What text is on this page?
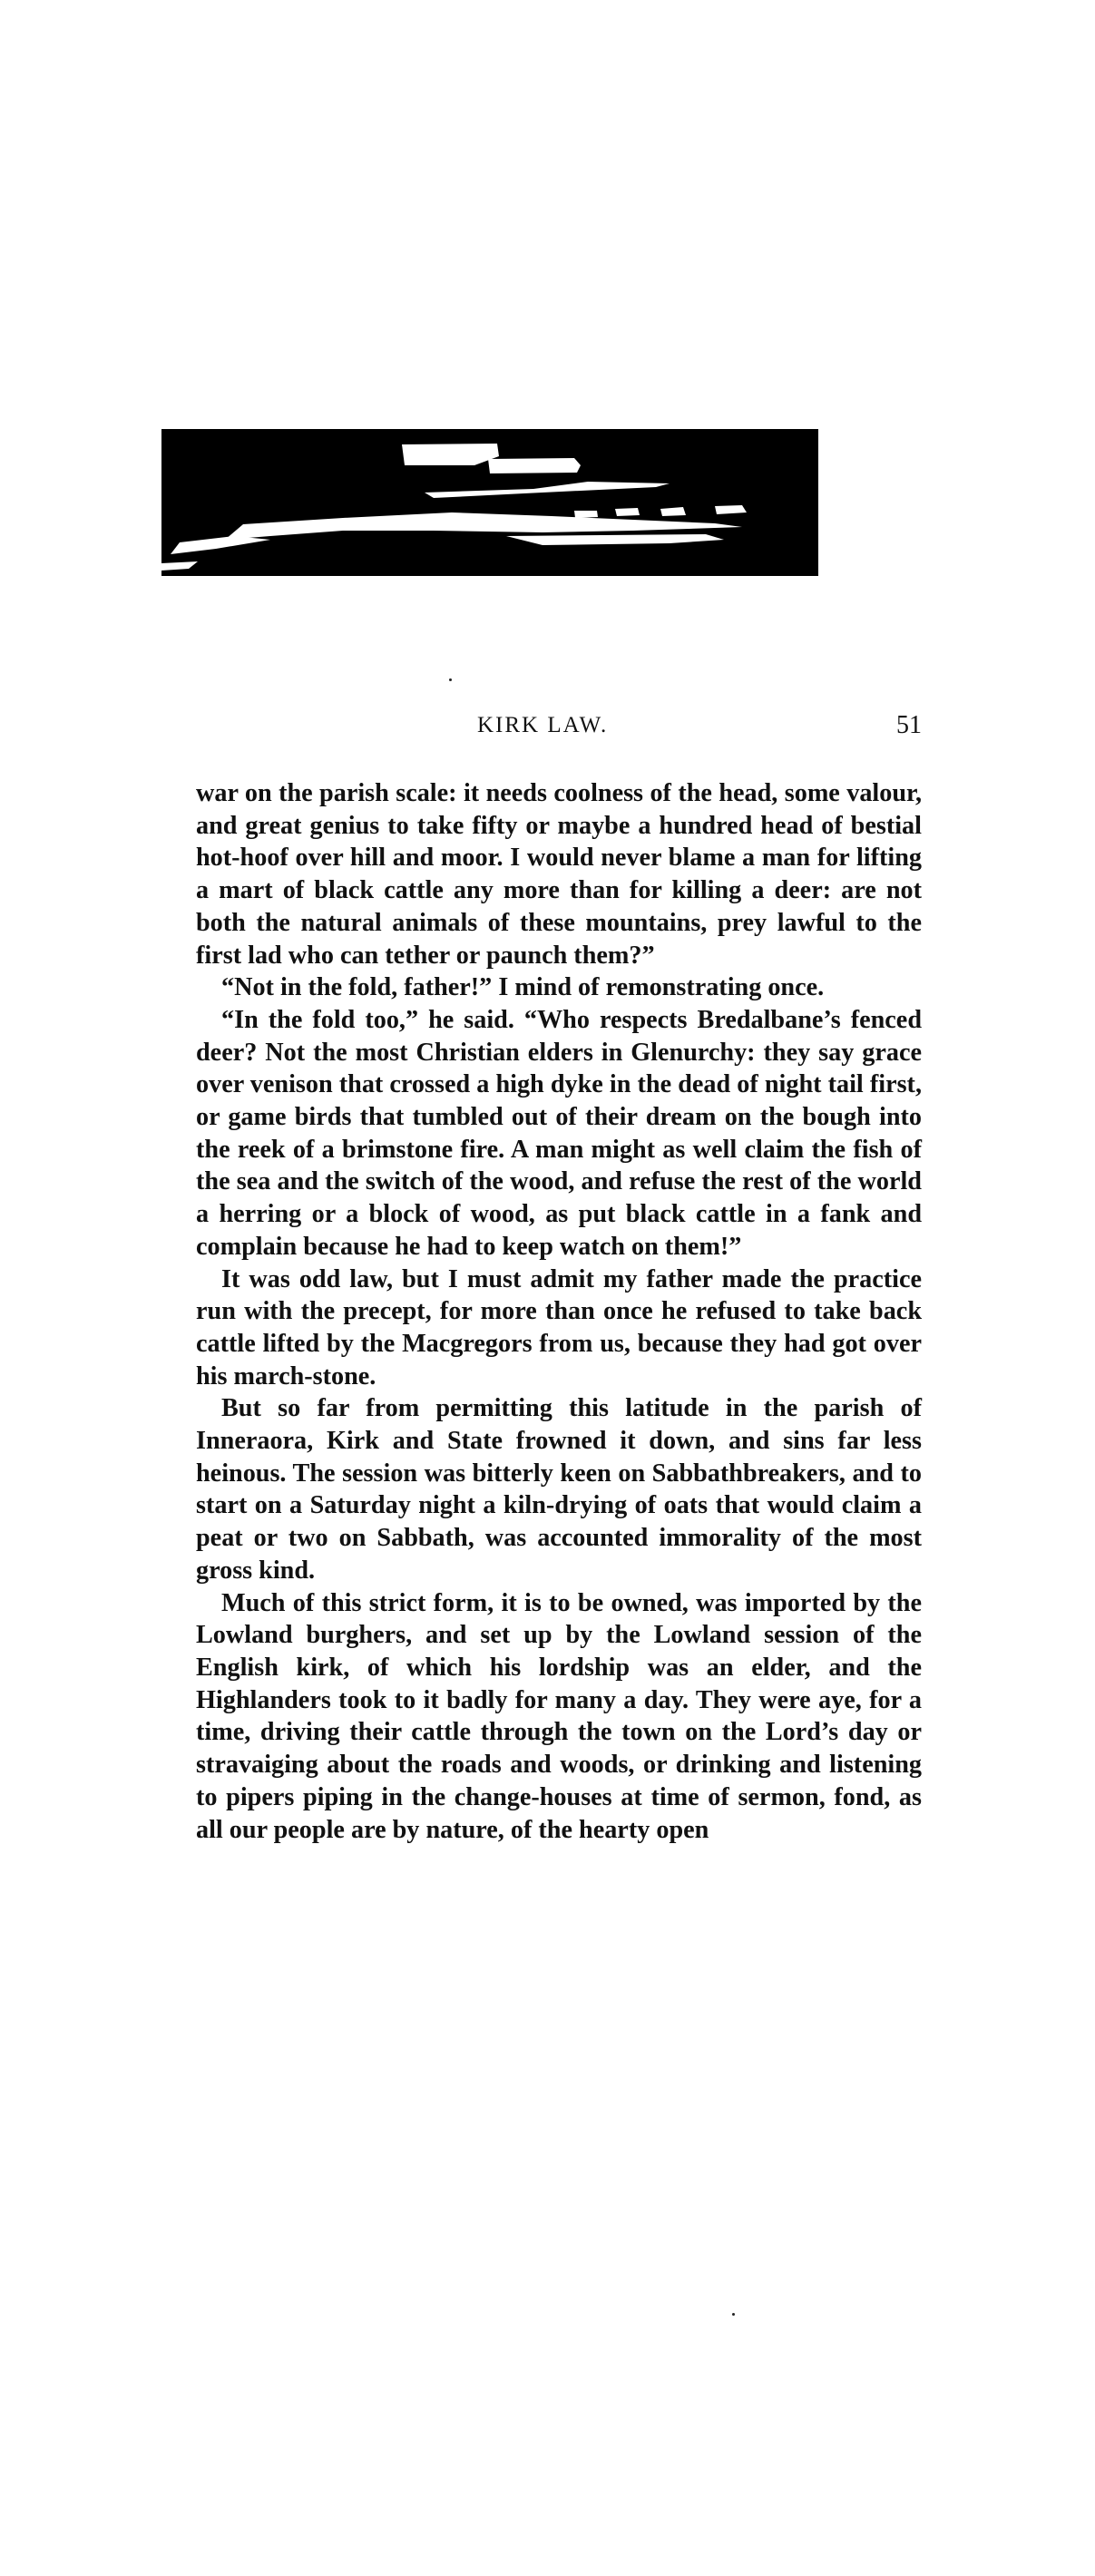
KIRK LAW.	51

war on the parish scale: it needs coolness of the head, some valour, and great genius to take fifty or maybe a hundred head of bestial hot-hoof over hill and moor. I would never blame a man for lifting a mart of black cattle any more than for killing a deer: are not both the natural animals of these mountains, prey lawful to the first lad who can tether or paunch them?”

“Not in the fold, father!” I mind of remonstrating once.

“In the fold too,” he said. “Who respects Bredalbane’s fenced deer? Not the most Christian elders in Glenurchy: they say grace over venison that crossed a high dyke in the dead of night tail first, or game birds that tumbled out of their dream on the bough into the reek of a brimstone fire. A man might as well claim the fish of the sea and the switch of the wood, and refuse the rest of the world a herring or a block of wood, as put black cattle in a fank and complain because he had to keep watch on them!”

It was odd law, but I must admit my father made the practice run with the precept, for more than once he refused to take back cattle lifted by the Macgregors from us, because they had got over his march-stone.

But so far from permitting this latitude in the parish of Inneraora, Kirk and State frowned it down, and sins far less heinous. The session was bitterly keen on Sabbathbreakers, and to start on a Saturday night a kiln-drying of oats that would claim a peat or two on Sabbath, was accounted immorality of the most gross kind.

Much of this strict form, it is to be owned, was imported by the Lowland burghers, and set up by the Lowland session of the English kirk, of which his lordship was an elder, and the Highlanders took to it badly for many a day. They were aye, for a time, driving their cattle through the town on the Lord’s day or stravaiging about the roads and woods, or drinking and listening to pipers piping in the change-houses at time of sermon, fond, as all our people are by nature, of the hearty open
